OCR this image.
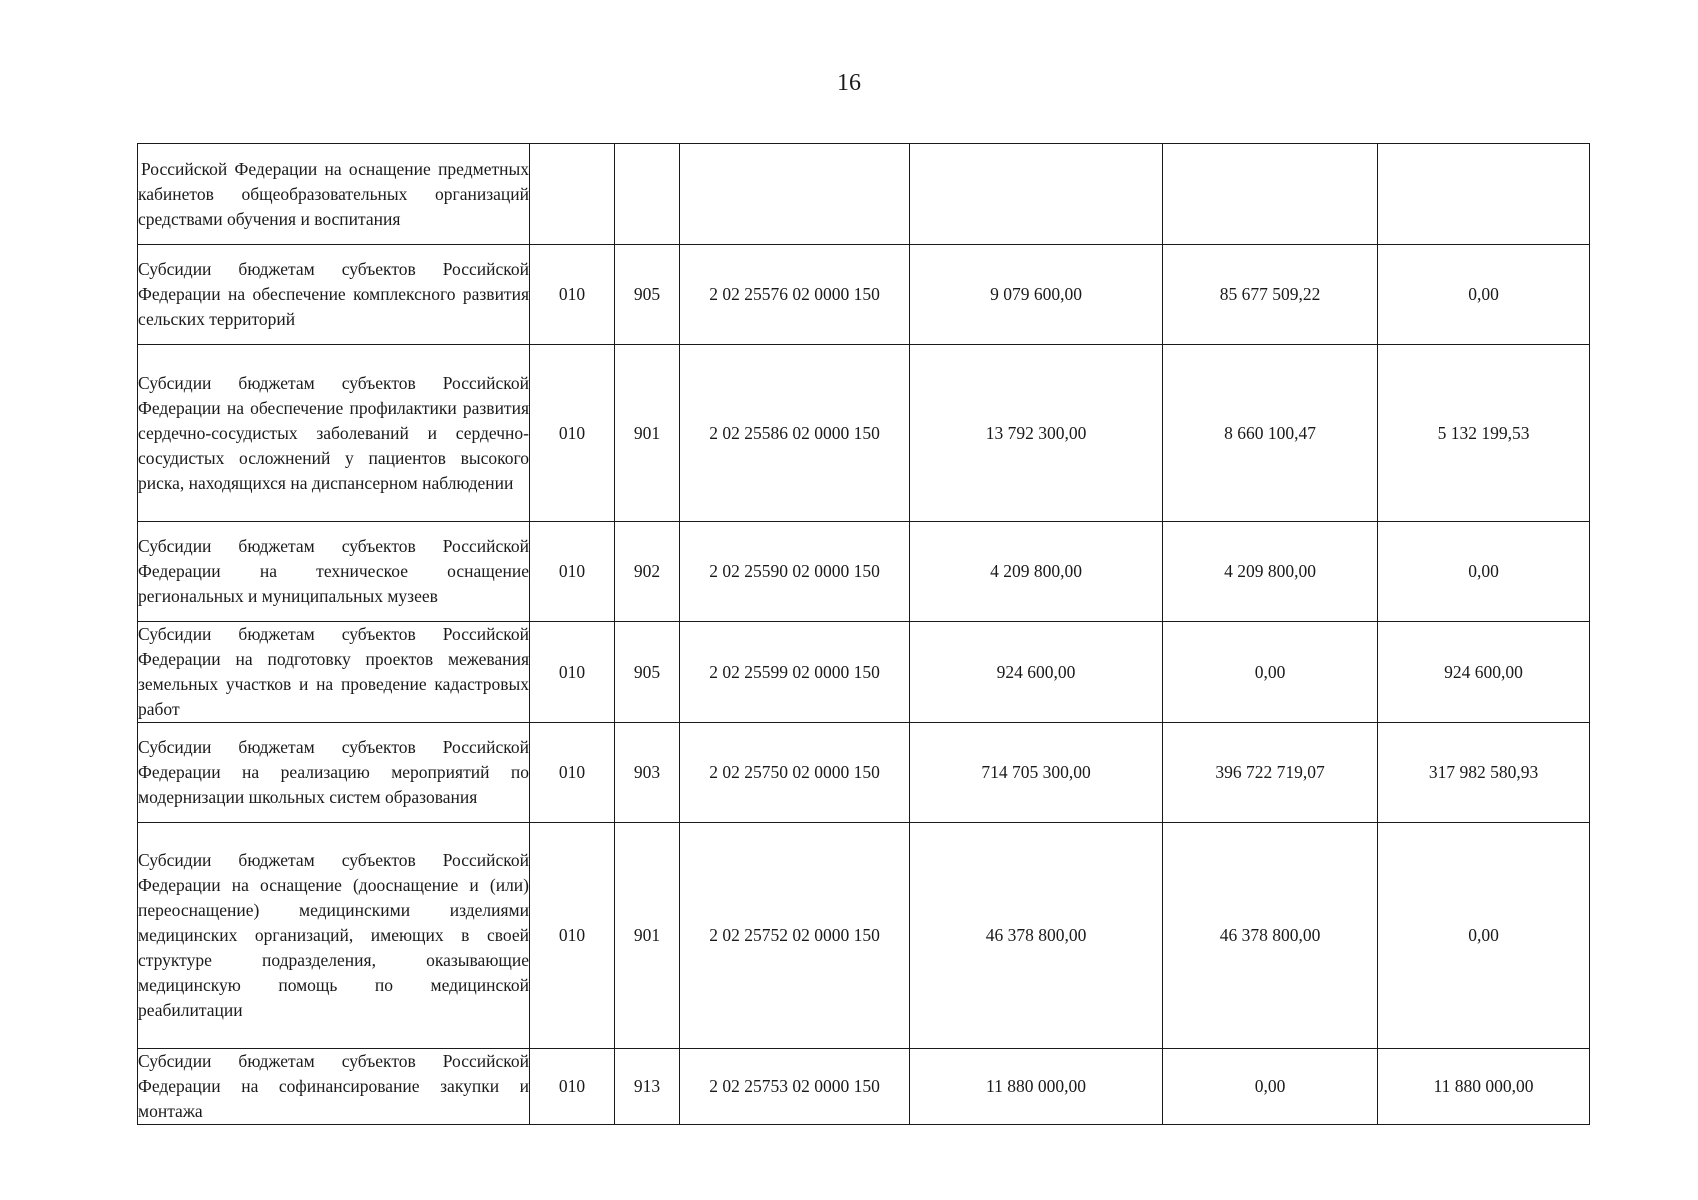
16
Российской Федерации на оснащение предметных кабинетов общеобразовательных организаций средствами обучения и воспитания						

Субсидии бюджетам субъектов Российской Федерации на обеспечение комплексного развития сельских территорий	010	905	2 02 25576 02 0000 150	9 079 600,00	85 677 509,22	0,00

Субсидии бюджетам субъектов Российской Федерации на обеспечение профилактики развития сердечно-сосудистых заболеваний и сердечно-сосудистых осложнений у пациентов высокого риска, находящихся на диспансерном наблюдении	010	901	2 02 25586 02 0000 150	13 792 300,00	8 660 100,47	5 132 199,53

Субсидии бюджетам субъектов Российской Федерации на техническое оснащение региональных и муниципальных музеев	010	902	2 02 25590 02 0000 150	4 209 800,00	4 209 800,00	0,00

Субсидии бюджетам субъектов Российской Федерации на подготовку проектов межевания земельных участков и на проведение кадастровых работ	010	905	2 02 25599 02 0000 150	924 600,00	0,00	924 600,00

Субсидии бюджетам субъектов Российской Федерации на реализацию мероприятий по модернизации школьных систем образования	010	903	2 02 25750 02 0000 150	714 705 300,00	396 722 719,07	317 982 580,93

Субсидии бюджетам субъектов Российской Федерации на оснащение (дооснащение и (или) переоснащение) медицинскими изделиями медицинских организаций, имеющих в своей структуре подразделения, оказывающие медицинскую помощь по медицинской реабилитации	010	901	2 02 25752 02 0000 150	46 378 800,00	46 378 800,00	0,00

Субсидии бюджетам субъектов Российской Федерации на софинансирование закупки и монтажа	010	913	2 02 25753 02 0000 150	11 880 000,00	0,00	11 880 000,00
